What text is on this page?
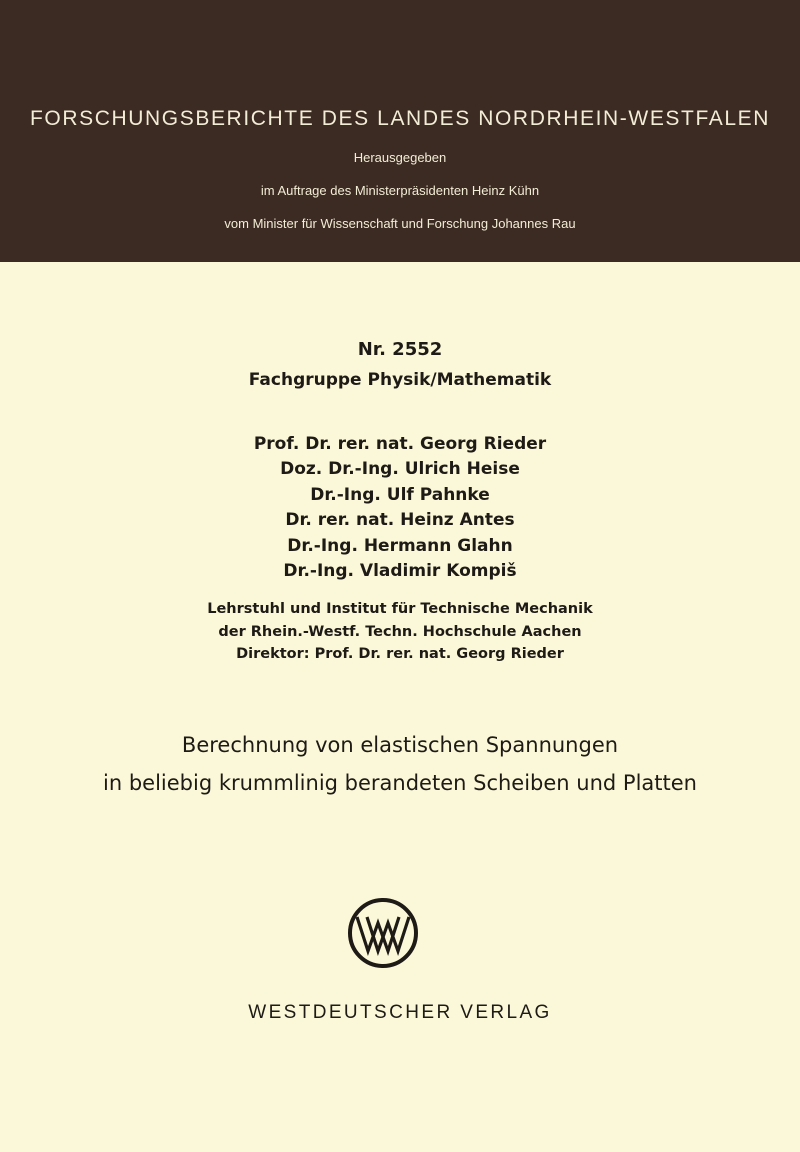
FORSCHUNGSBERICHTE DES LANDES NORDRHEIN-WESTFALEN
Herausgegeben
im Auftrage des Ministerpräsidenten Heinz Kühn
vom Minister für Wissenschaft und Forschung Johannes Rau
Nr. 2552
Fachgruppe Physik/Mathematik
Prof. Dr. rer. nat. Georg Rieder
Doz. Dr.-Ing. Ulrich Heise
Dr.-Ing. Ulf Pahnke
Dr. rer. nat. Heinz Antes
Dr.-Ing. Hermann Glahn
Dr.-Ing. Vladimir Kompiš
Lehrstuhl und Institut für Technische Mechanik
der Rhein.-Westf. Techn. Hochschule Aachen
Direktor: Prof. Dr. rer. nat. Georg Rieder
Berechnung von elastischen Spannungen
in beliebig krummlinig berandeten Scheiben und Platten
WESTDEUTSCHER VERLAG
